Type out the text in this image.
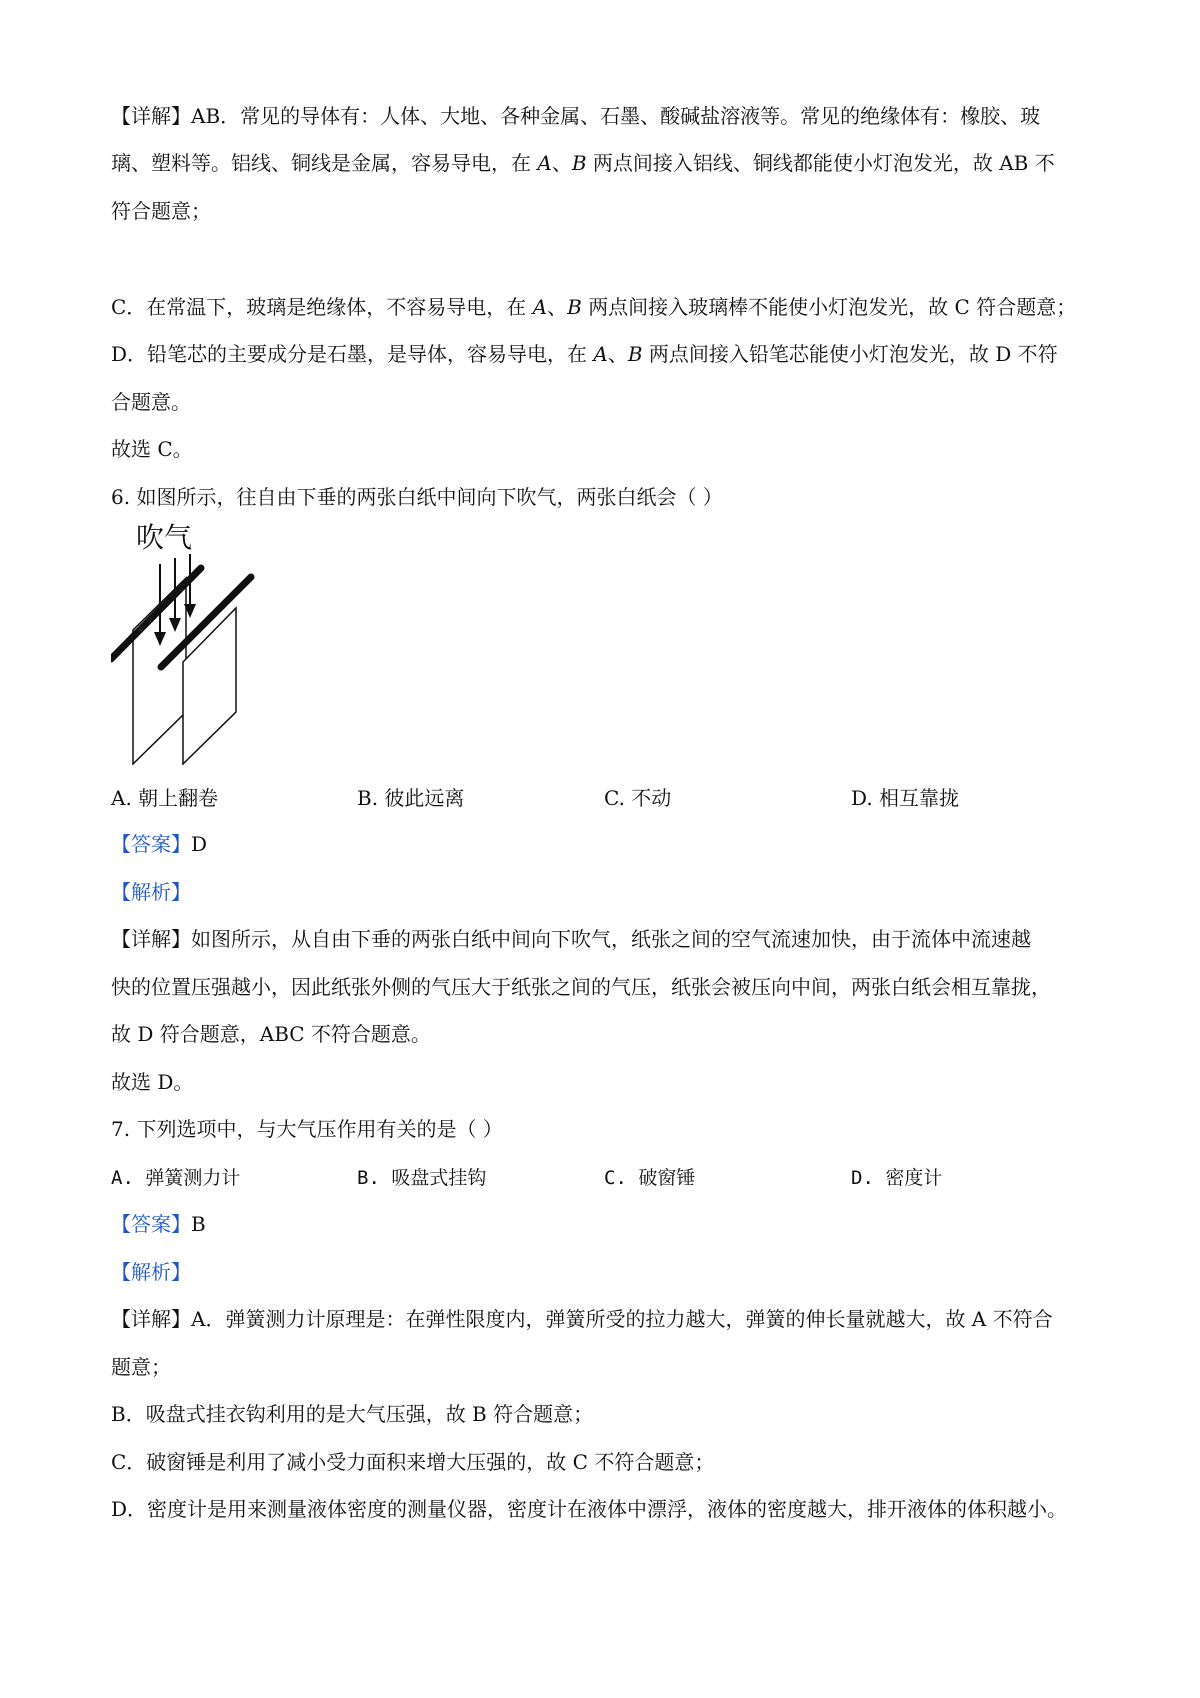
【详解】AB．常见的导体有：人体、大地、各种金属、石墨、酸碱盐溶液等。常见的绝缘体有：橡胶、玻
璃、塑料等。铝线、铜线是金属，容易导电，在 A、B 两点间接入铝线、铜线都能使小灯泡发光，故 AB 不
符合题意；
C．在常温下，玻璃是绝缘体，不容易导电，在 A、B 两点间接入玻璃棒不能使小灯泡发光，故 C 符合题意；
D．铅笔芯的主要成分是石墨，是导体，容易导电，在 A、B 两点间接入铅笔芯能使小灯泡发光，故 D 不符
合题意。
故选 C。
6. 如图所示，往自由下垂的两张白纸中间向下吹气，两张白纸会（ ）
吹气
A. 朝上翻卷	B. 彼此远离	C. 不动	D. 相互靠拢
【答案】D
【解析】
【详解】如图所示，从自由下垂的两张白纸中间向下吹气，纸张之间的空气流速加快，由于流体中流速越
快的位置压强越小，因此纸张外侧的气压大于纸张之间的气压，纸张会被压向中间，两张白纸会相互靠拢，
故 D 符合题意，ABC 不符合题意。
故选 D。
7. 下列选项中，与大气压作用有关的是（ ）
A. 弹簧测力计	B. 吸盘式挂钩	C. 破窗锤	D. 密度计
【答案】B
【解析】
【详解】A．弹簧测力计原理是：在弹性限度内，弹簧所受的拉力越大，弹簧的伸长量就越大，故 A 不符合
题意；
B．吸盘式挂衣钩利用的是大气压强，故 B 符合题意；
C．破窗锤是利用了减小受力面积来增大压强的，故 C 不符合题意；
D．密度计是用来测量液体密度的测量仪器，密度计在液体中漂浮，液体的密度越大，排开液体的体积越小。
